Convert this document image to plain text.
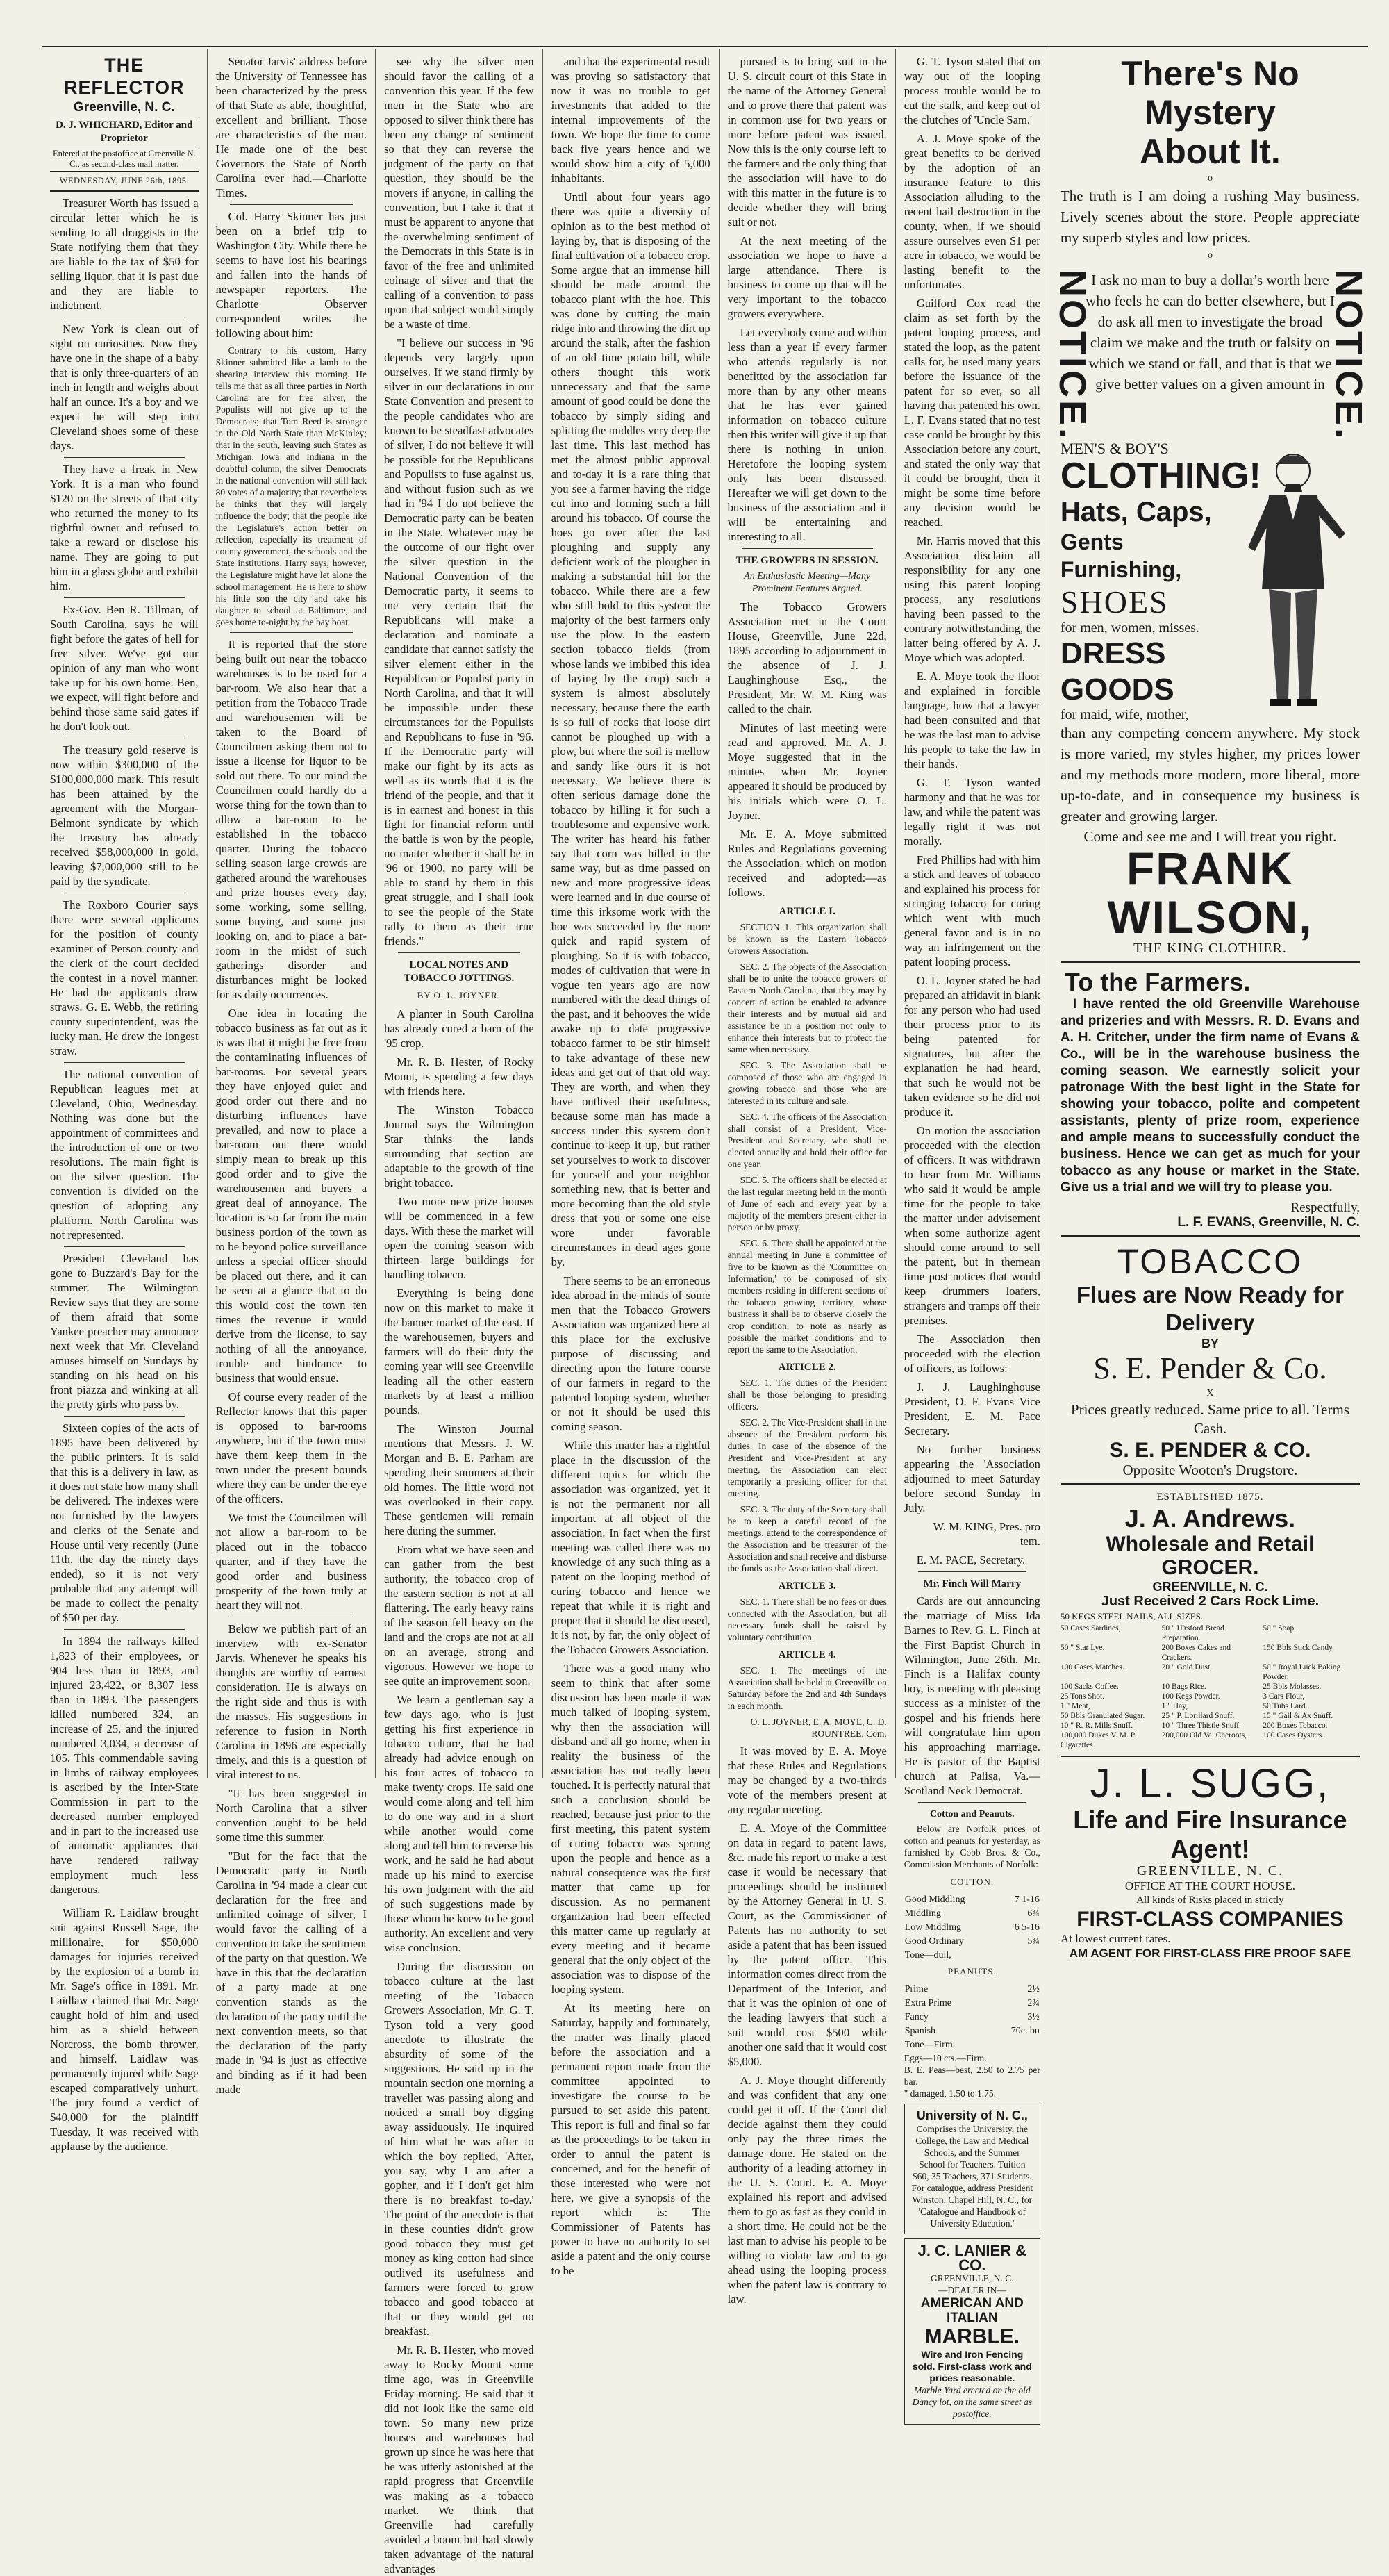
THE REFLECTOR
Greenville, N. C.
D. J. WHICHARD, Editor and Proprietor
Entered at the postoffice at Greenville N. C., as second-class mail matter.
WEDNESDAY, JUNE 26th, 1895.

Treasurer Worth has issued a circular letter which he is sending to all druggists in the State notifying them that they are liable to the tax of $50 for selling liquor, that it is past due and they are liable to indictment.

New York is clean out of sight on curiosities. Now they have one in the shape of a baby that is only three-quarters of an inch in length and weighs about half an ounce. It's a boy and we expect he will step into Cleveland shoes some of these days.

They have a freak in New York. It is a man who found $120 on the streets of that city who returned the money to its rightful owner and refused to take a reward or disclose his name. They are going to put him in a glass globe and exhibit him.

Ex-Gov. Ben R. Tillman, of South Carolina, says he will fight before the gates of hell for free silver. We've got our opinion of any man who wont take up for his own home. Ben, we expect, will fight before and behind those same said gates if he don't look out.

The treasury gold reserve is now within $300,000 of the $100,000,000 mark. This result has been attained by the agreement with the Morgan-Belmont syndicate by which the treasury has already received $58,000,000 in gold, leaving $7,000,000 still to be paid by the syndicate.

The Roxboro Courier says there were several applicants for the position of county examiner of Person county and the clerk of the court decided the contest in a novel manner. He had the applicants draw straws. G. E. Webb, the retiring county superintendent, was the lucky man. He drew the longest straw.

The national convention of Republican leagues met at Cleveland, Ohio, Wednesday. Nothing was done but the appointment of committees and the introduction of one or two resolutions. The main fight is on the silver question. The convention is divided on the question of adopting any platform. North Carolina was not represented.

President Cleveland has gone to Buzzard's Bay for the summer. The Wilmington Review says that they are some of them afraid that some Yankee preacher may announce next week that Mr. Cleveland amuses himself on Sundays by standing on his head on his front piazza and winking at all the pretty girls who pass by.

Sixteen copies of the acts of 1895 have been delivered by the public printers. It is said that this is a delivery in law, as it does not state how many shall be delivered. The indexes were not furnished by the lawyers and clerks of the Senate and House until very recently (June 11th, the day the ninety days ended), so it is not very probable that any attempt will be made to collect the penalty of $50 per day.

In 1894 the railways killed 1,823 of their employees, or 904 less than in 1893, and injured 23,422, or 8,307 less than in 1893. The passengers killed numbered 324, an increase of 25, and the injured numbered 3,034, a decrease of 105. This commendable saving in limbs of railway employees is ascribed by the Inter-State Commission in part to the decreased number employed and in part to the increased use of automatic appliances that have rendered railway employment much less dangerous.

William R. Laidlaw brought suit against Russell Sage, the millionaire, for $50,000 damages for injuries received by the explosion of a bomb in Mr. Sage's office in 1891. Mr. Laidlaw claimed that Mr. Sage caught hold of him and used him as a shield between Norcross, the bomb thrower, and himself. Laidlaw was permanently injured while Sage escaped comparatively unhurt. The jury found a verdict of $40,000 for the plaintiff Tuesday. It was received with applause by the audience.

Senator Jarvis' address before the University of Tennessee has been characterized by the press of that State as able, thoughtful, excellent and brilliant. Those are characteristics of the man. He made one of the best Governors the State of North Carolina ever had.—Charlotte Times.

Col. Harry Skinner has just been on a brief trip to Washington City. While there he seems to have lost his bearings and fallen into the hands of newspaper reporters. The Charlotte Observer correspondent writes the following about him:

Contrary to his custom, Harry Skinner submitted like a lamb to the shearing interview this morning. He tells me that as all three parties in North Carolina are for free silver, the Populists will not give up to the Democrats; that Tom Reed is stronger in the Old North State than McKinley; that in the south, leaving such States as Michigan, Iowa and Indiana in the doubtful column, the silver Democrats in the national convention will still lack 80 votes of a majority; that nevertheless he thinks that they will largely influence the body; that the people like the Legislature's action better on reflection, especially its treatment of county government, the schools and the State institutions. Harry says, however, the Legislature might have let alone the school management. He is here to show his little son the city and take his daughter to school at Baltimore, and goes home to-night by the bay boat.

It is reported that the store being built out near the tobacco warehouses is to be used for a bar-room. We also hear that a petition from the Tobacco Trade and warehousemen will be taken to the Board of Councilmen asking them not to issue a license for liquor to be sold out there. To our mind the Councilmen could hardly do a worse thing for the town than to allow a bar-room to be established in the tobacco quarter. During the tobacco selling season large crowds are gathered around the warehouses and prize houses every day, some working, some selling, some buying, and some just looking on, and to place a bar-room in the midst of such gatherings disorder and disturbances might be looked for as daily occurrences.

One idea in locating the tobacco business as far out as it is was that it might be free from the contaminating influences of bar-rooms. For several years they have enjoyed quiet and good order out there and no disturbing influences have prevailed, and now to place a bar-room out there would simply mean to break up this good order and to give the warehousemen and buyers a great deal of annoyance. The location is so far from the main business portion of the town as to be beyond police surveillance unless a special officer should be placed out there, and it can be seen at a glance that to do this would cost the town ten times the revenue it would derive from the license, to say nothing of all the annoyance, trouble and hindrance to business that would ensue.

Of course every reader of the Reflector knows that this paper is opposed to bar-rooms anywhere, but if the town must have them keep them in the town under the present bounds where they can be under the eye of the officers.

We trust the Councilmen will not allow a bar-room to be placed out in the tobacco quarter, and if they have the good order and business prosperity of the town truly at heart they will not.

Below we publish part of an interview with ex-Senator Jarvis. Whenever he speaks his thoughts are worthy of earnest consideration. He is always on the right side and thus is with the masses. His suggestions in reference to fusion in North Carolina in 1896 are especially timely, and this is a question of vital interest to us.

"It has been suggested in North Carolina that a silver convention ought to be held some time this summer.

"But for the fact that the Democratic party in North Carolina in '94 made a clear cut declaration for the free and unlimited coinage of silver, I would favor the calling of a convention to take the sentiment of the party on that question. We have in this that the declaration of a party made at one convention stands as the declaration of the party until the next convention meets, so that the declaration of the party made in '94 is just as effective and binding as if it had been made

see why the silver men should favor the calling of a convention this year. If the few men in the State who are opposed to silver think there has been any change of sentiment so that they can reverse the judgment of the party on that question, they should be the movers if anyone, in calling the convention, but I take it that it must be apparent to anyone that the overwhelming sentiment of the Democrats in this State is in favor of the free and unlimited coinage of silver and that the calling of a convention to pass upon that subject would simply be a waste of time.

"I believe our success in '96 depends very largely upon ourselves. If we stand firmly by silver in our declarations in our State Convention and present to the people candidates who are known to be steadfast advocates of silver, I do not believe it will be possible for the Republicans and Populists to fuse against us, and without fusion such as we had in '94 I do not believe the Democratic party can be beaten in the State. Whatever may be the outcome of our fight over the silver question in the National Convention of the Democratic party, it seems to me very certain that the Republicans will make a declaration and nominate a candidate that cannot satisfy the silver element either in the Republican or Populist party in North Carolina, and that it will be impossible under these circumstances for the Populists and Republicans to fuse in '96. If the Democratic party will make our fight by its acts as well as its words that it is the friend of the people, and that it is in earnest and honest in this fight for financial reform until the battle is won by the people, no matter whether it shall be in '96 or 1900, no party will be able to stand by them in this great struggle, and I shall look to see the people of the State rally to them as their true friends."

LOCAL NOTES AND TOBACCO JOTTINGS.
BY O. L. JOYNER.

A planter in South Carolina has already cured a barn of the '95 crop.

Mr. R. B. Hester, of Rocky Mount, is spending a few days with friends here.

The Winston Tobacco Journal says the Wilmington Star thinks the lands surrounding that section are adaptable to the growth of fine bright tobacco.

Two more new prize houses will be commenced in a few days. With these the market will open the coming season with thirteen large buildings for handling tobacco.

Everything is being done now on this market to make it the banner market of the east. If the warehousemen, buyers and farmers will do their duty the coming year will see Greenville leading all the other eastern markets by at least a million pounds.

The Winston Journal mentions that Messrs. J. W. Morgan and B. E. Parham are spending their summers at their old homes. The little word not was overlooked in their copy. These gentlemen will remain here during the summer.

From what we have seen and can gather from the best authority, the tobacco crop of the eastern section is not at all flattering. The early heavy rains of the season fell heavy on the land and the crops are not at all on an average, strong and vigorous. However we hope to see quite an improvement soon.

We learn a gentleman say a few days ago, who is just getting his first experience in tobacco culture, that he had already had advice enough on his four acres of tobacco to make twenty crops. He said one would come along and tell him to do one way and in a short while another would come along and tell him to reverse his work, and he said he had about made up his mind to exercise his own judgment with the aid of such suggestions made by those whom he knew to be good authority. An excellent and very wise conclusion.

During the discussion on tobacco culture at the last meeting of the Tobacco Growers Association, Mr. G. T. Tyson told a very good anecdote to illustrate the absurdity of some of the suggestions. He said up in the mountain section one morning a traveller was passing along and noticed a small boy digging away assiduously. He inquired of him what he was after to which the boy replied, 'After, you say, why I am after a gopher, and if I don't get him there is no breakfast to-day.' The point of the anecdote is that in these counties didn't grow good tobacco they must get money as king cotton had since outlived its usefulness and farmers were forced to grow tobacco and good tobacco at that or they would get no breakfast.

Mr. R. B. Hester, who moved away to Rocky Mount some time ago, was in Greenville Friday morning. He said that it did not look like the same old town. So many new prize houses and warehouses had grown up since he was here that he was utterly astonished at the rapid progress that Greenville was making as a tobacco market. We think that Greenville had carefully avoided a boom but had slowly taken advantage of the natural advantages

and that the experimental result was proving so satisfactory that now it was no trouble to get investments that added to the internal improvements of the town. We hope the time to come back five years hence and we would show him a city of 5,000 inhabitants.

Until about four years ago there was quite a diversity of opinion as to the best method of laying by, that is disposing of the final cultivation of a tobacco crop. Some argue that an immense hill should be made around the tobacco plant with the hoe. This was done by cutting the main ridge into and throwing the dirt up around the stalk, after the fashion of an old time potato hill, while others thought this work unnecessary and that the same amount of good could be done the tobacco by simply siding and splitting the middles very deep the last time. This last method has met the almost public approval and to-day it is a rare thing that you see a farmer having the ridge cut into and forming such a hill around his tobacco. Of course the hoes go over after the last ploughing and supply any deficient work of the plougher in making a substantial hill for the tobacco. While there are a few who still hold to this system the majority of the best farmers only use the plow. In the eastern section tobacco fields (from whose lands we imbibed this idea of laying by the crop) such a system is almost absolutely necessary, because there the earth is so full of rocks that loose dirt cannot be ploughed up with a plow, but where the soil is mellow and sandy like ours it is not necessary. We believe there is often serious damage done the tobacco by hilling it for such a troublesome and expensive work. The writer has heard his father say that corn was hilled in the same way, but as time passed on new and more progressive ideas were learned and in due course of time this irksome work with the hoe was succeeded by the more quick and rapid system of ploughing. So it is with tobacco, modes of cultivation that were in vogue ten years ago are now numbered with the dead things of the past, and it behooves the wide awake up to date progressive tobacco farmer to be stir himself to take advantage of these new ideas and get out of that old way. They are worth, and when they have outlived their usefulness, because some man has made a success under this system don't continue to keep it up, but rather set yourselves to work to discover for yourself and your neighbor something new, that is better and more becoming than the old style dress that you or some one else wore under favorable circumstances in dead ages gone by.

There seems to be an erroneous idea abroad in the minds of some men that the Tobacco Growers Association was organized here at this place for the exclusive purpose of discussing and directing upon the future course of our farmers in regard to the patented looping system, whether or not it should be used this coming season.

While this matter has a rightful place in the discussion of the different topics for which the association was organized, yet it is not the permanent nor all important at all object of the association. In fact when the first meeting was called there was no knowledge of any such thing as a patent on the looping method of curing tobacco and hence we repeat that while it is right and proper that it should be discussed, it is not, by far, the only object of the Tobacco Growers Association.

There was a good many who seem to think that after some discussion has been made it was much talked of looping system, why then the association will disband and all go home, when in reality the business of the association has not really been touched. It is perfectly natural that such a conclusion should be reached, because just prior to the first meeting, this patent system of curing tobacco was sprung upon the people and hence as a natural consequence was the first matter that came up for discussion. As no permanent organization had been effected this matter came up regularly at every meeting and it became general that the only object of the association was to dispose of the looping system.

At its meeting here on Saturday, happily and fortunately, the matter was finally placed before the association and a permanent report made from the committee appointed to investigate the course to be pursued to set aside this patent. This report is full and final so far as the proceedings to be taken in order to annul the patent is concerned, and for the benefit of those interested who were not here, we give a synopsis of the report which is: The Commissioner of Patents has power to have no authority to set aside a patent and the only course to be

pursued is to bring suit in the U. S. circuit court of this State in the name of the Attorney General and to prove there that patent was in common use for two years or more before patent was issued. Now this is the only course left to the farmers and the only thing that the association will have to do with this matter in the future is to decide whether they will bring suit or not.

At the next meeting of the association we hope to have a large attendance. There is business to come up that will be very important to the tobacco growers everywhere.

Let everybody come and within less than a year if every farmer who attends regularly is not benefitted by the association far more than by any other means that he has ever gained information on tobacco culture then this writer will give it up that there is nothing in union. Heretofore the looping system only has been discussed. Hereafter we will get down to the business of the association and it will be entertaining and interesting to all.

THE GROWERS IN SESSION.
An Enthusiastic Meeting—Many Prominent Features Argued.

The Tobacco Growers Association met in the Court House, Greenville, June 22d, 1895 according to adjournment in the absence of J. J. Laughinghouse Esq., the President, Mr. W. M. King was called to the chair.

Minutes of last meeting were read and approved. Mr. A. J. Moye suggested that in the minutes when Mr. Joyner appeared it should be produced by his initials which were O. L. Joyner.

Mr. E. A. Moye submitted Rules and Regulations governing the Association, which on motion received and adopted:—as follows.

ARTICLE I.

SECTION 1. This organization shall be known as the Eastern Tobacco Growers Association.

SEC. 2. The objects of the Association shall be to unite the tobacco growers of Eastern North Carolina, that they may by concert of action be enabled to advance their interests and by mutual aid and assistance be in a position not only to enhance their interests but to protect the same when necessary.

SEC. 3. The Association shall be composed of those who are engaged in growing tobacco and those who are interested in its culture and sale.

SEC. 4. The officers of the Association shall consist of a President, Vice-President and Secretary, who shall be elected annually and hold their office for one year.

SEC. 5. The officers shall be elected at the last regular meeting held in the month of June of each and every year by a majority of the members present either in person or by proxy.

SEC. 6. There shall be appointed at the annual meeting in June a committee of five to be known as the 'Committee on Information,' to be composed of six members residing in different sections of the tobacco growing territory, whose business it shall be to observe closely the crop condition, to note as nearly as possible the market conditions and to report the same to the Association.

ARTICLE 2.

SEC. 1. The duties of the President shall be those belonging to presiding officers.

SEC. 2. The Vice-President shall in the absence of the President perform his duties. In case of the absence of the President and Vice-President at any meeting, the Association can elect temporarily a presiding officer for that meeting.

SEC. 3. The duty of the Secretary shall be to keep a careful record of the meetings, attend to the correspondence of the Association and be treasurer of the Association and shall receive and disburse the funds as the Association shall direct.

ARTICLE 3.

SEC. 1. There shall be no fees or dues connected with the Association, but all necessary funds shall be raised by voluntary contribution.

ARTICLE 4.

SEC. 1. The meetings of the Association shall be held at Greenville on Saturday before the 2nd and 4th Sundays in each month.

O. L. JOYNER, E. A. MOYE, C. D. ROUNTREE. Com.

It was moved by E. A. Moye that these Rules and Regulations may be changed by a two-thirds vote of the members present at any regular meeting.

E. A. Moye of the Committee on data in regard to patent laws, &c. made his report to make a test case it would be necessary that proceedings should be instituted by the Attorney General in U. S. Court, as the Commissioner of Patents has no authority to set aside a patent that has been issued by the patent office. This information comes direct from the Department of the Interior, and that it was the opinion of one of the leading lawyers that such a suit would cost $500 while another one said that it would cost $5,000.

A. J. Moye thought differently and was confident that any one could get it off. If the Court did decide against them they could only pay the three times the damage done. He stated on the authority of a leading attorney in the U. S. Court. E. A. Moye explained his report and advised them to go as fast as they could in a short time. He could not be the last man to advise his people to be willing to violate law and to go ahead using the looping process when the patent law is contrary to law.

G. T. Tyson stated that on way out of the looping process trouble would be to cut the stalk, and keep out of the clutches of 'Uncle Sam.'

A. J. Moye spoke of the great benefits to be derived by the adoption of an insurance feature to this Association alluding to the recent hail destruction in the county, when, if we should assure ourselves even $1 per acre in tobacco, we would be lasting benefit to the unfortunates.

Guilford Cox read the claim as set forth by the patent looping process, and stated the loop, as the patent calls for, he used many years before the issuance of the patent for so ever, so all having that patented his own. L. F. Evans stated that no test case could be brought by this Association before any court, and stated the only way that it could be brought, then it might be some time before any decision would be reached.

Mr. Harris moved that this Association disclaim all responsibility for any one using this patent looping process, any resolutions having been passed to the contrary notwithstanding, the latter being offered by A. J. Moye which was adopted.

E. A. Moye took the floor and explained in forcible language, how that a lawyer had been consulted and that he was the last man to advise his people to take the law in their hands.

G. T. Tyson wanted harmony and that he was for law, and while the patent was legally right it was not morally.

Fred Phillips had with him a stick and leaves of tobacco and explained his process for stringing tobacco for curing which went with much general favor and is in no way an infringement on the patent looping process.

O. L. Joyner stated he had prepared an affidavit in blank for any person who had used their process prior to its being patented for signatures, but after the explanation he had heard, that such he would not be taken evidence so he did not produce it.

On motion the association proceeded with the election of officers. It was withdrawn to hear from Mr. Williams who said it would be ample time for the people to take the matter under advisement when some authorize agent should come around to sell the patent, but in themean time post notices that would keep drummers loafers, strangers and tramps off their premises.

The Association then proceeded with the election of officers, as follows:

J. J. Laughinghouse President, O. F. Evans Vice President, E. M. Pace Secretary.

No further business appearing the 'Association adjourned to meet Saturday before second Sunday in July.

W. M. KING, Pres. pro tem.

E. M. PACE, Secretary.

Mr. Finch Will Marry

Cards are out announcing the marriage of Miss Ida Barnes to Rev. G. L. Finch at the First Baptist Church in Wilmington, June 26th. Mr. Finch is a Halifax county boy, is meeting with pleasing success as a minister of the gospel and his friends here will congratulate him upon his approaching marriage. He is pastor of the Baptist church at Palisa, Va.—Scotland Neck Democrat.

Cotton and Peanuts.

Below are Norfolk prices of cotton and peanuts for yesterday, as furnished by Cobb Bros. & Co., Commission Merchants of Norfolk:

COTTON.
Good Middling	7 1-16
Middling	6¾
Low Middling	6 5-16
Good Ordinary	5¾
Tone—dull,	
PEANUTS.
Prime	2½
Extra Prime	2¾
Fancy	3½
Spanish	70c. bu
Tone—Firm.	
Eggs—10 cts.—Firm.
B. E. Peas—best, 2.50 to 2.75 per bar.
" damaged, 1.50 to 1.75.
University of N. C.,
Comprises the University, the College, the Law and Medical Schools, and the Summer School for Teachers. Tuition $60, 35 Teachers, 371 Students. For catalogue, address President Winston, Chapel Hill, N. C., for 'Catalogue and Handbook of University Education.'
J. C. LANIER & CO.
GREENVILLE, N. C.
—DEALER IN—
AMERICAN AND ITALIAN
MARBLE.
Wire and Iron Fencing sold. First-class work and prices reasonable.
Marble Yard erected on the old Dancy lot, on the same street as postoffice.
There's No Mystery
About It.
o
The truth is I am doing a rushing May business. Lively scenes about the store. People appreciate my superb styles and low prices.
o
NOTICE.
I ask no man to buy a dollar's worth here who feels he can do better elsewhere, but I do ask all men to investigate the broad claim we make and the truth or falsity on which we stand or fall, and that is that we give better values on a given amount in NOTICE.
MEN'S & BOY'S
CLOTHING!
Hats, Caps,
Gents Furnishing,
SHOES
for men, women, misses.
DRESS GOODS
for maid, wife, mother,
than any competing concern anywhere. My stock is more varied, my styles higher, my prices lower and my methods more modern, more liberal, more up-to-date, and in consequence my business is greater and growing larger.
Come and see me and I will treat you right.
FRANK WILSON,
THE KING CLOTHIER.
To the Farmers.

I have rented the old Greenville Warehouse and prizeries and with Messrs. R. D. Evans and A. H. Critcher, under the firm name of Evans & Co., will be in the warehouse business the coming season. We earnestly solicit your patronage With the best light in the State for showing your tobacco, polite and competent assistants, plenty of prize room, experience and ample means to successfully conduct the business. Hence we can get as much for your tobacco as any house or market in the State. Give us a trial and we will try to please you.

Respectfully,
L. F. EVANS, Greenville, N. C.
TOBACCO
Flues are Now Ready for Delivery
BY
S. E. Pender & Co.
X
Prices greatly reduced. Same price to all. Terms Cash.
S. E. PENDER & CO.
Opposite Wooten's Drugstore.
ESTABLISHED 1875.
J. A. Andrews.
Wholesale and Retail GROCER.
GREENVILLE, N. C.
Just Received 2 Cars Rock Lime.
50 KEGS STEEL NAILS, ALL SIZES.
50 Cases Sardines,	50 " H'rsford Bread Preparation.
50 " Soap.
50 " Star Lye.	200 Boxes Cakes and Crackers.
150 Bbls Stick Candy.
100 Cases Matches.	20 " Gold Dust.	50 " Royal Luck Baking Powder.
100 Sacks Coffee.	10 Bags Rice.	25 Bbls Molasses.
25 Tons Shot.	100 Kegs Powder.	3 Cars Flour,
1 " Meat,	1 " Hay,	50 Tubs Lard.
50 Bbls Granulated Sugar.	25 " P. Lorillard Snuff.	15 " Gail & Ax Snuff.
10 " R. R. Mills Snuff.	10 " Three Thistle Snuff.	200 Boxes Tobacco.
100,000 Dukes V. M. P. Cigarettes.
200,000 Old Va. Cheroots,	100 Cases Oysters.
J. L. SUGG,
Life and Fire Insurance Agent!
GREENVILLE, N. C.
OFFICE AT THE COURT HOUSE.
All kinds of Risks placed in strictly
FIRST-CLASS COMPANIES
At lowest current rates.
AM AGENT FOR FIRST-CLASS FIRE PROOF SAFE
